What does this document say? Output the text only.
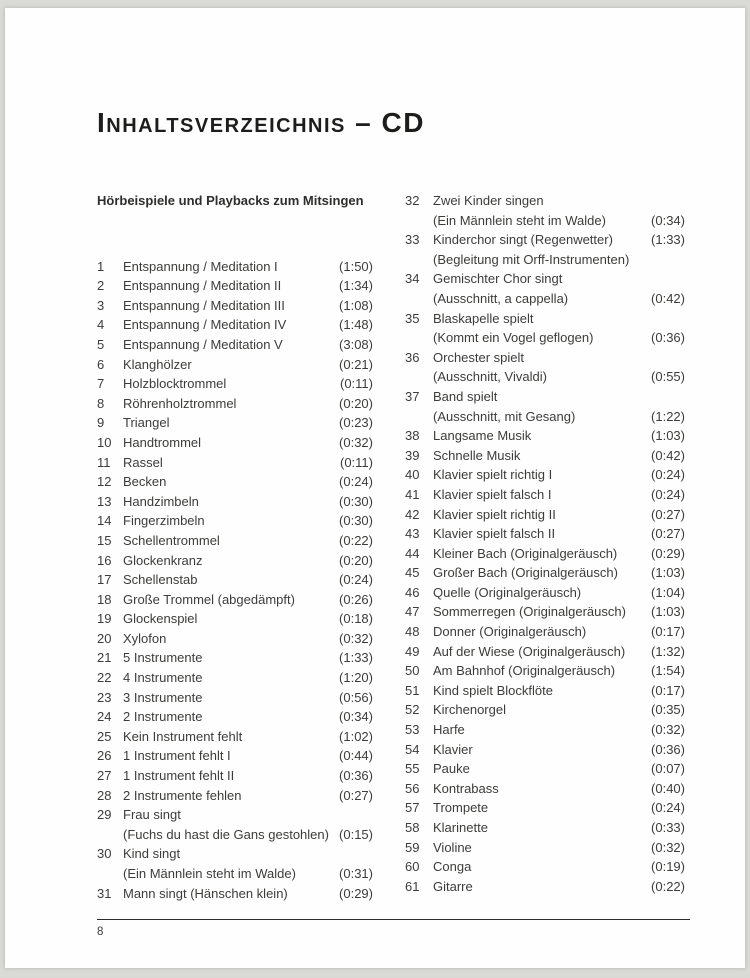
Inhaltsverzeichnis – CD
Hörbeispiele und Playbacks zum Mitsingen
1	Entspannung / Meditation I	(1:50)
2	Entspannung / Meditation II	(1:34)
3	Entspannung / Meditation III	(1:08)
4	Entspannung / Meditation IV	(1:48)
5	Entspannung / Meditation V	(3:08)
6	Klanghölzer	(0:21)
7	Holzblocktrommel	(0:11)
8	Röhrenholztrommel	(0:20)
9	Triangel	(0:23)
10 Handtrommel	(0:32)
11 Rassel	(0:11)
12 Becken	(0:24)
13 Handzimbeln	(0:30)
14 Fingerzimbeln	(0:30)
15 Schellentrommel	(0:22)
16 Glockenkranz	(0:20)
17 Schellenstab	(0:24)
18 Große Trommel (abgedämpft)	(0:26)
19 Glockenspiel	(0:18)
20 Xylofon	(0:32)
21 5 Instrumente	(1:33)
22 4 Instrumente	(1:20)
23 3 Instrumente	(0:56)
24 2 Instrumente	(0:34)
25 Kein Instrument fehlt	(1:02)
26 1 Instrument fehlt I	(0:44)
27 1 Instrument fehlt II	(0:36)
28 2 Instrumente fehlen	(0:27)
29 Frau singt
(Fuchs du hast die Gans gestohlen) (0:15)
30 Kind singt
(Ein Männlein steht im Walde)	(0:31)
31 Mann singt (Hänschen klein)	(0:29)
32	Zwei Kinder singen
(Ein Männlein steht im Walde)	(0:34)
33	Kinderchor singt (Regenwetter)	(1:33)
(Begleitung mit Orff-Instrumenten)
34	Gemischter Chor singt
(Ausschnitt, a cappella)	(0:42)
35	Blaskapelle spielt
(Kommt ein Vogel geflogen)	(0:36)
36	Orchester spielt
(Ausschnitt, Vivaldi)	(0:55)
37	Band spielt
(Ausschnitt, mit Gesang)	(1:22)
38	Langsame Musik	(1:03)
39	Schnelle Musik	(0:42)
40	Klavier spielt richtig I	(0:24)
41	Klavier spielt falsch I	(0:24)
42	Klavier spielt richtig II	(0:27)
43	Klavier spielt falsch II	(0:27)
44	Kleiner Bach (Originalgeräusch)	(0:29)
45	Großer Bach (Originalgeräusch)	(1:03)
46	Quelle (Originalgeräusch)	(1:04)
47	Sommerregen (Originalgeräusch)	(1:03)
48	Donner (Originalgeräusch)	(0:17)
49	Auf der Wiese (Originalgeräusch)	(1:32)
50	Am Bahnhof (Originalgeräusch)	(1:54)
51	Kind spielt Blockflöte	(0:17)
52	Kirchenorgel	(0:35)
53	Harfe	(0:32)
54	Klavier	(0:36)
55	Pauke	(0:07)
56	Kontrabass	(0:40)
57	Trompete	(0:24)
58	Klarinette	(0:33)
59	Violine	(0:32)
60	Conga	(0:19)
61	Gitarre	(0:22)
8
